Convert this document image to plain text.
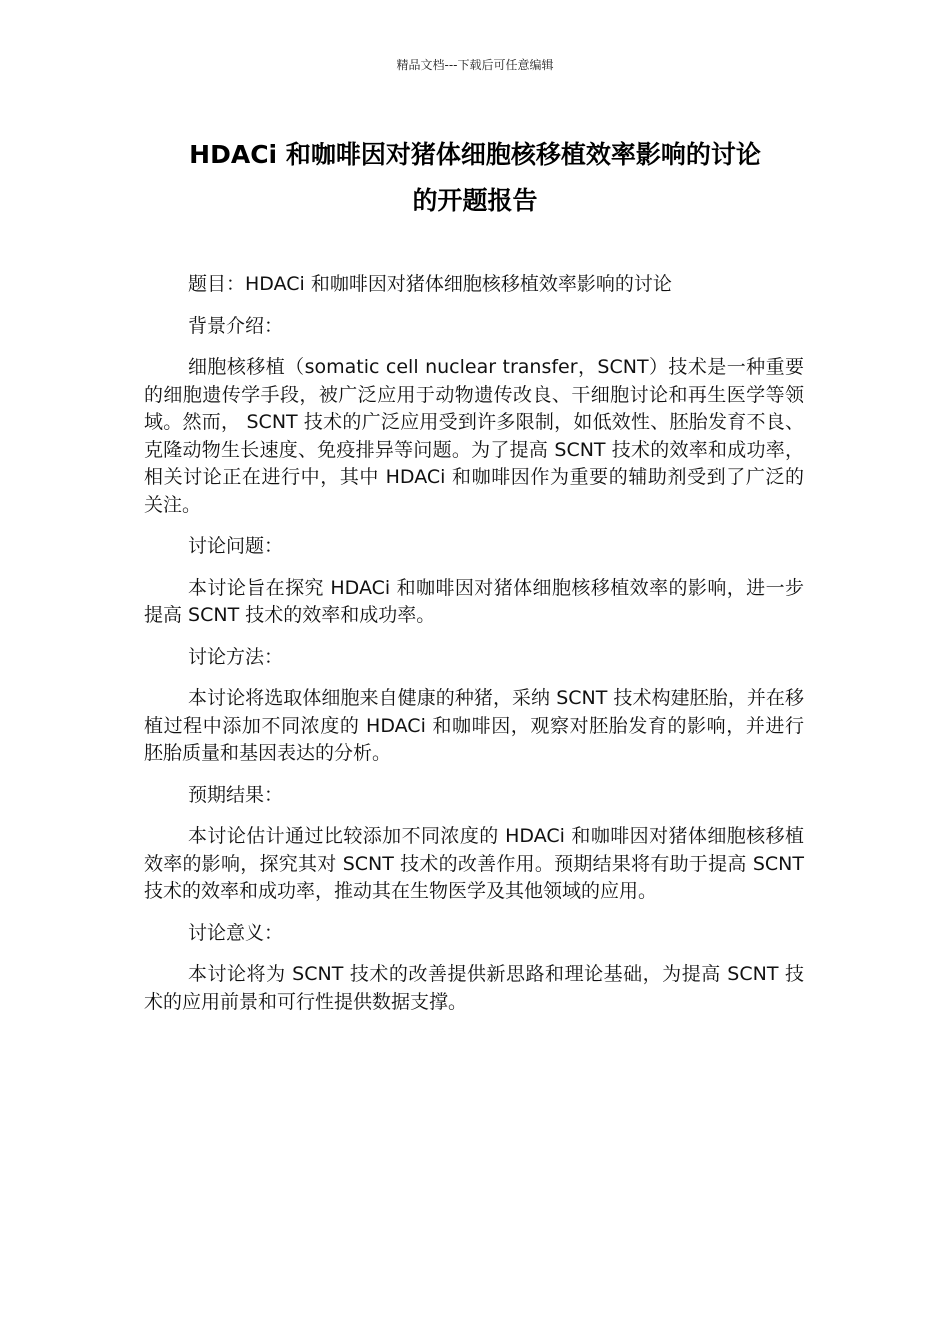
精品文档---下载后可任意编辑
HDACi 和咖啡因对猪体细胞核移植效率影响的讨论
的开题报告

题目：HDACi 和咖啡因对猪体细胞核移植效率影响的讨论

背景介绍：

细胞核移植（somatic cell nuclear transfer，SCNT）技术是一种重要的细胞遗传学手段，被广泛应用于动物遗传改良、干细胞讨论和再生医学等领域。然而， SCNT 技术的广泛应用受到许多限制，如低效性、胚胎发育不良、克隆动物生长速度、免疫排异等问题。为了提高 SCNT 技术的效率和成功率，相关讨论正在进行中，其中 HDACi 和咖啡因作为重要的辅助剂受到了广泛的关注。

讨论问题：

本讨论旨在探究 HDACi 和咖啡因对猪体细胞核移植效率的影响，进一步提高 SCNT 技术的效率和成功率。

讨论方法：

本讨论将选取体细胞来自健康的种猪，采纳 SCNT 技术构建胚胎，并在移植过程中添加不同浓度的 HDACi 和咖啡因，观察对胚胎发育的影响，并进行胚胎质量和基因表达的分析。

预期结果：

本讨论估计通过比较添加不同浓度的 HDACi 和咖啡因对猪体细胞核移植效率的影响，探究其对 SCNT 技术的改善作用。预期结果将有助于提高 SCNT 技术的效率和成功率，推动其在生物医学及其他领域的应用。

讨论意义：

本讨论将为 SCNT 技术的改善提供新思路和理论基础，为提高 SCNT 技术的应用前景和可行性提供数据支撑。
